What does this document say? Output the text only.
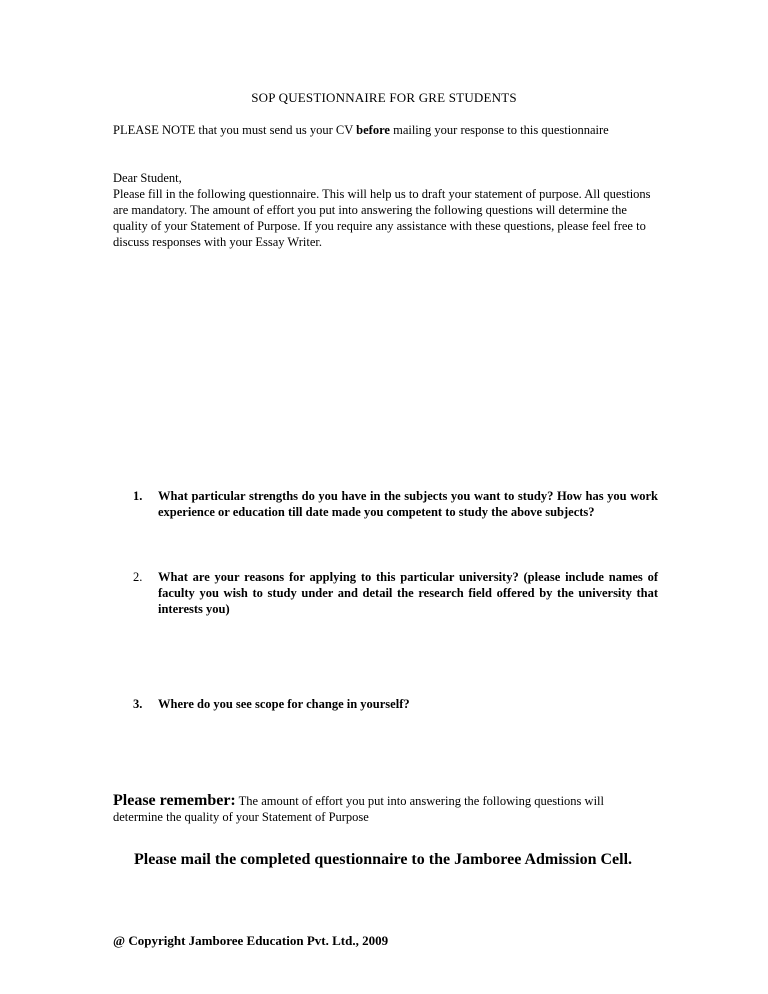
SOP QUESTIONNAIRE FOR GRE STUDENTS
PLEASE NOTE that you must send us your CV before mailing your response to this questionnaire

Dear Student,

Please fill in the following questionnaire. This will help us to draft your statement of purpose. All questions are mandatory. The amount of effort you put into answering the following questions will determine the quality of your Statement of Purpose. If you require any assistance with these questions, please feel free to discuss responses with your Essay Writer.

1.	What particular strengths do you have in the subjects you want to study? How has you work experience or education till date made you competent to study the above subjects?
2.	What are your reasons for applying to this particular university? (please include names of faculty you wish to study under and detail the research field offered by the university that interests you)
3.	Where do you see scope for change in yourself?
Please remember: The amount of effort you put into answering the following questions will determine the quality of your Statement of Purpose
Please mail the completed questionnaire to the Jamboree Admission Cell.
@ Copyright Jamboree Education Pvt. Ltd., 2009
